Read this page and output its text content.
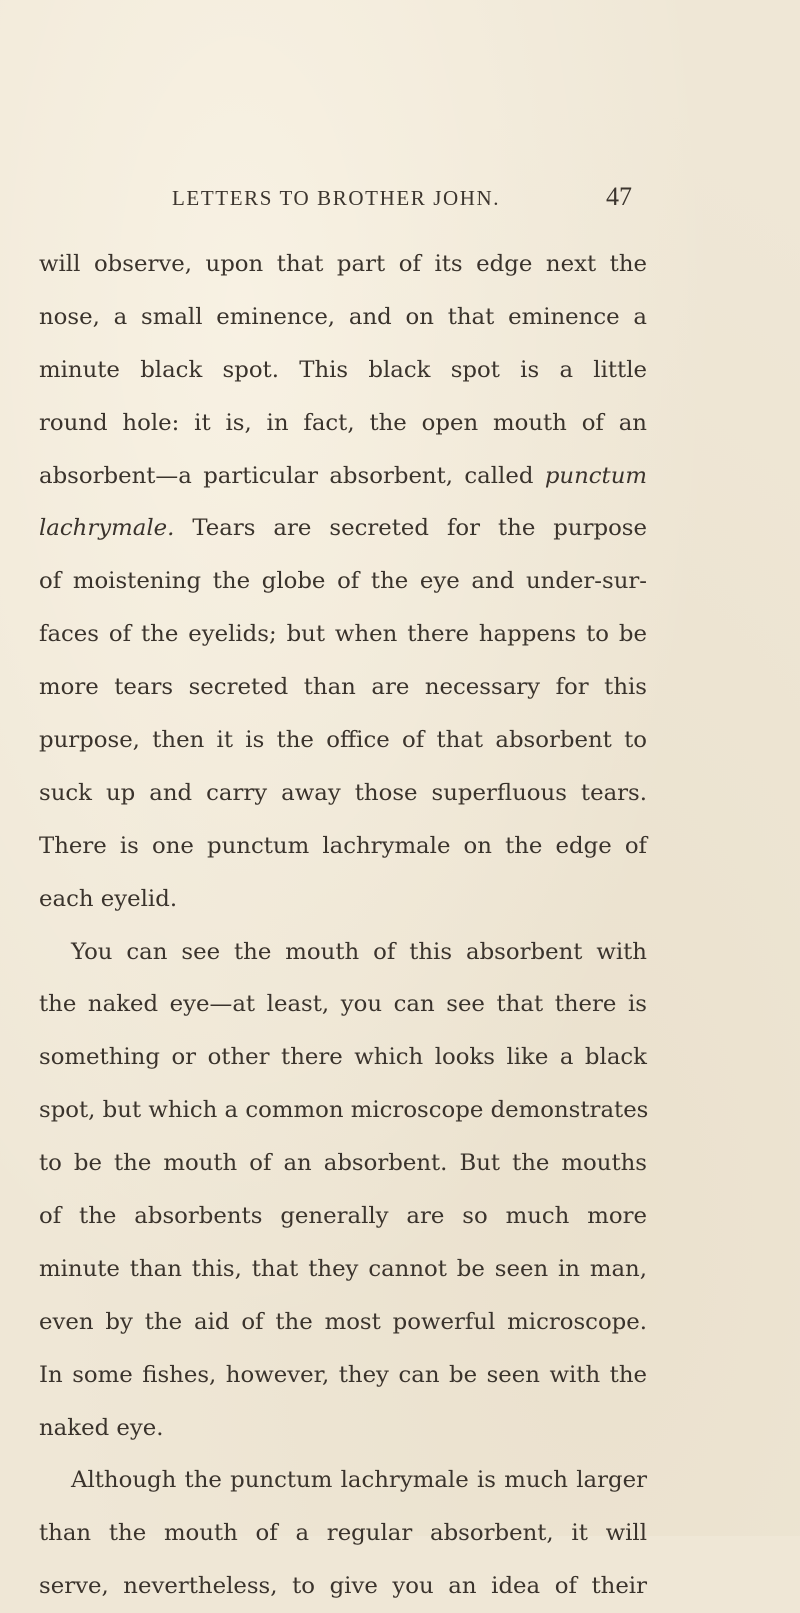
LETTERS TO BROTHER JOHN.	47
will observe, upon that part of its edge next the
nose, a small eminence, and on that eminence a
minute black spot. This black spot is a little
round hole: it is, in fact, the open mouth of an
absorbent—a particular absorbent, called punctum
lachrymale. Tears are secreted for the purpose
of moistening the globe of the eye and under-sur-
faces of the eyelids; but when there happens to be
more tears secreted than are necessary for this
purpose, then it is the office of that absorbent to
suck up and carry away those superfluous tears.
There is one punctum lachrymale on the edge of
each eyelid.
You can see the mouth of this absorbent with
the naked eye—at least, you can see that there is
something or other there which looks like a black
spot, but which a common microscope demonstrates
to be the mouth of an absorbent. But the mouths
of the absorbents generally are so much more
minute than this, that they cannot be seen in man,
even by the aid of the most powerful microscope.
In some fishes, however, they can be seen with the
naked eye.
Although the punctum lachrymale is much larger
than the mouth of a regular absorbent, it will
serve, nevertheless, to give you an idea of their
